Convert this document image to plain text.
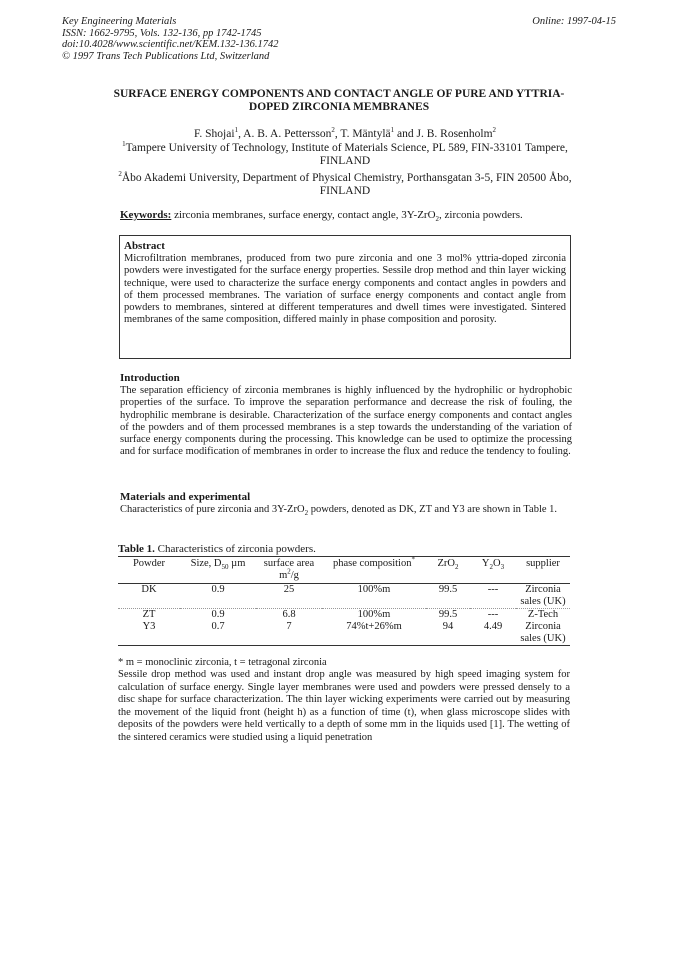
Key Engineering Materials
ISSN: 1662-9795, Vols. 132-136, pp 1742-1745
doi:10.4028/www.scientific.net/KEM.132-136.1742
© 1997 Trans Tech Publications Ltd, Switzerland
Online: 1997-04-15
SURFACE ENERGY COMPONENTS AND CONTACT ANGLE OF PURE AND YTTRIA-DOPED ZIRCONIA MEMBRANES
F. Shojai$^1$, A. B. A. Pettersson$^2$, T. Mäntylä$^1$ and J. B. Rosenholm$^2$
$^1$Tampere University of Technology, Institute of Materials Science, PL 589, FIN-33101 Tampere, FINLAND
$^2$Åbo Akademi University, Department of Physical Chemistry, Porthansgatan 3-5, FIN 20500 Åbo, FINLAND
Keywords: zirconia membranes, surface energy, contact angle, 3Y-ZrO$_2$, zirconia powders.
Abstract
Microfiltration membranes, produced from two pure zirconia and one 3 mol% yttria-doped zirconia powders were investigated for the surface energy properties. Sessile drop method and thin layer wicking technique, were used to characterize the surface energy components and contact angles in powders and of them processed membranes. The variation of surface energy components and contact angle from powders to membranes, sintered at different temperatures and dwell times were investigated. Sintered membranes of the same composition, differed mainly in phase composition and porosity.
Introduction
The separation efficiency of zirconia membranes is highly influenced by the hydrophilic or hydrophobic properties of the surface. To improve the separation performance and decrease the risk of fouling, the hydrophilic membrane is desirable. Characterization of the surface energy components and contact angles of the powders and of them processed membranes is a step towards the understanding of the variation of surface energy components during the processing. This knowledge can be used to optimize the processing and for surface modification of membranes in order to increase the flux and reduce the tendency to fouling.
Materials and experimental
Characteristics of pure zirconia and 3Y-ZrO$_2$ powders, denoted as DK, ZT and Y3 are shown in Table 1.
Table 1. Characteristics of zirconia powders.
Powder	Size, $D_{50}$ µm	surface area $m^2/g$	phase composition*	ZrO$_2$	$Y_2O_3$	supplier
DK	0.9	25	100%m	99.5	---	Zirconia sales (UK)
ZT	0.9	6.8	100%m	99.5	---	Z-Tech
Y3	0.7	7	74%t+26%m	94	4.49	Zirconia sales (UK)
* m = monoclinic zirconia, t = tetragonal zirconia
Sessile drop method was used and instant drop angle was measured by high speed imaging system for calculation of surface energy. Single layer membranes were used and powders were pressed densely to a disc shape for surface characterization. The thin layer wicking experiments were carried out by measuring the movement of the liquid front (height h) as a function of time (t), when glass microscope slides with deposits of the powders were held vertically to a depth of some mm in the liquids used [1]. The wetting of the sintered ceramics were studied using a liquid penetration
